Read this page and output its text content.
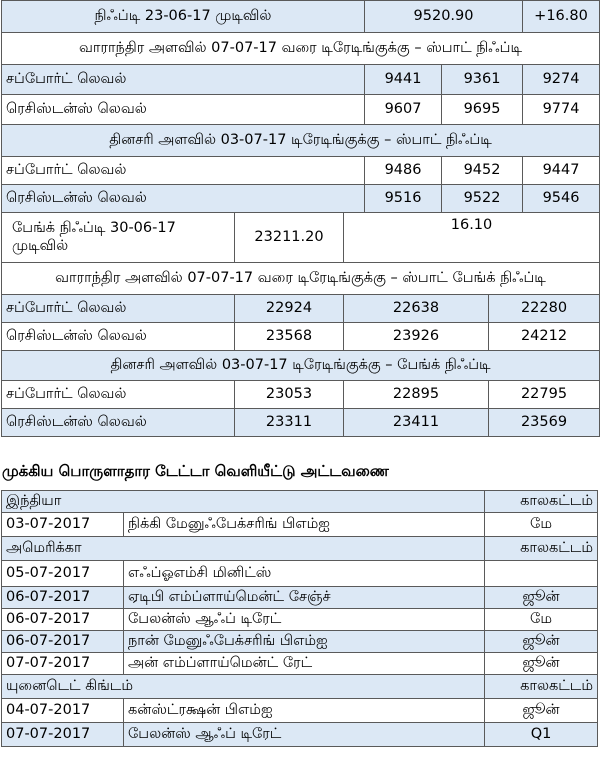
நிஃப்டி 23-06-17 முடிவில்	9520.90		+16.80
வாராந்திர அளவில் 07-07-17 வரை டிரேடிங்குக்கு – ஸ்பாட் நிஃப்டி			
சப்போர்ட் லெவல்	9441	9361	9274
ரெசிஸ்டன்ஸ் லெவல்	9607	9695	9774
தினசரி அளவில் 03-07-17 டிரேடிங்குக்கு – ஸ்பாட் நிஃப்டி			
சப்போர்ட் லெவல்	9486	9452	9447
ரெசிஸ்டன்ஸ் லெவல்	9516	9522	9546
பேங்க் நிஃப்டி 30-06-17 முடிவில்	23211.20	16.10	
வாராந்திர அளவில் 07-07-17 வரை டிரேடிங்குக்கு – ஸ்பாட் பேங்க் நிஃப்டி			
சப்போர்ட் லெவல்	22924	22638	22280
ரெசிஸ்டன்ஸ் லெவல்	23568	23926	24212
தினசரி அளவில் 03-07-17 டிரேடிங்குக்கு – பேங்க் நிஃப்டி			
சப்போர்ட் லெவல்	23053	22895	22795
ரெசிஸ்டன்ஸ் லெவல்	23311	23411	23569
முக்கிய பொருளாதார டேட்டா வெளியீட்டு அட்டவணை
இந்தியா		காலகட்டம்
03-07-2017	நிக்கி மேனுஃபேக்சரிங் பிஎம்ஐ	மே
அமெரிக்கா		காலகட்டம்
05-07-2017	எஃப்ஓஎம்சி மினிட்ஸ்	
06-07-2017	ஏடிபி எம்ப்ளாய்மென்ட் சேஞ்ச்	ஜூன்
06-07-2017	பேலன்ஸ் ஆஃப் டிரேட்	மே
06-07-2017	நான் மேனுஃபேக்சரிங் பிஎம்ஐ	ஜூன்
07-07-2017	அன் எம்ப்ளாய்மென்ட் ரேட்	ஜூன்
யுனைடெட் கிங்டம்		காலகட்டம்
04-07-2017	கன்ஸ்ட்ரக்ஷன் பிஎம்ஐ	ஜூன்
07-07-2017	பேலன்ஸ் ஆஃப் டிரேட்	Q1
